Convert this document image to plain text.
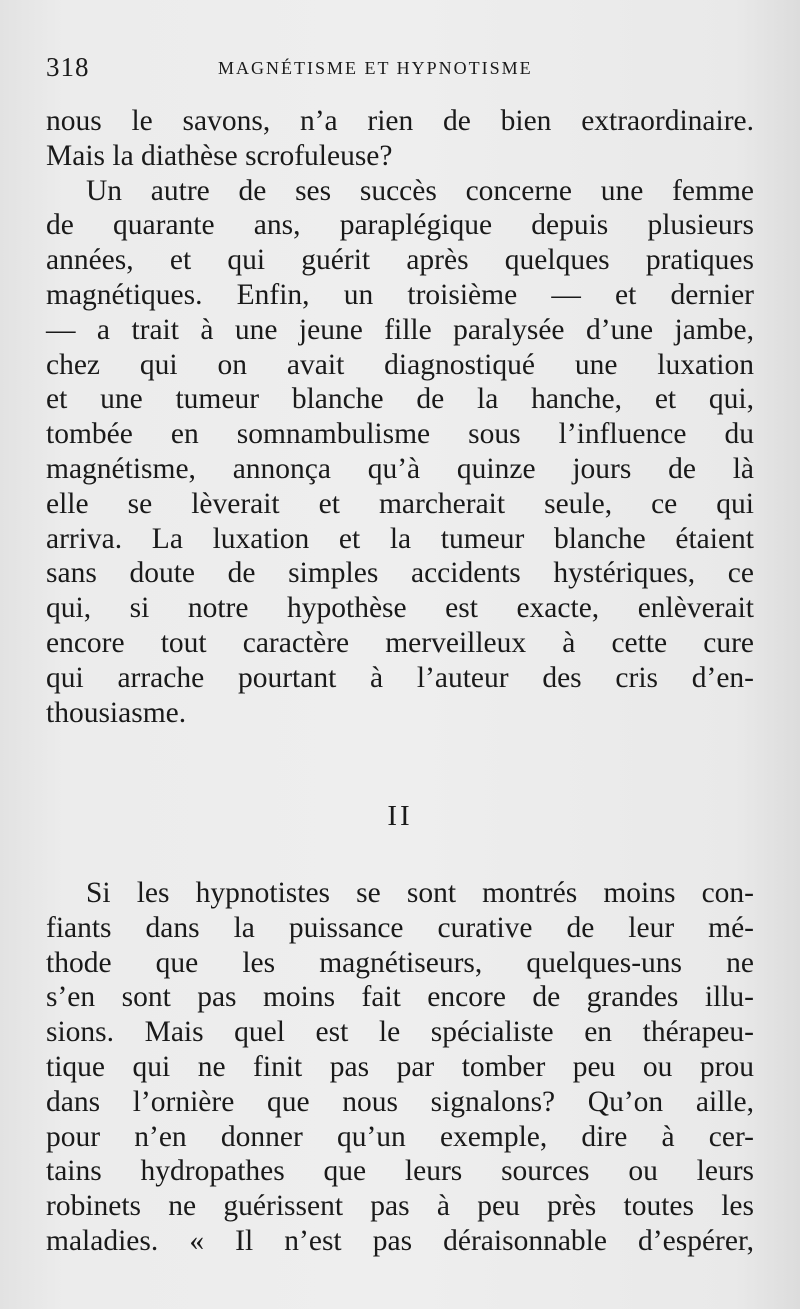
318	MAGNÉTISME ET HYPNOTISME
nous le savons, n’a rien de bien extraordinaire.
Mais la diathèse scrofuleuse?
Un autre de ses succès concerne une femme
de quarante ans, paraplégique depuis plusieurs
années, et qui guérit après quelques pratiques
magnétiques. Enfin, un troisième — et dernier
— a trait à une jeune fille paralysée d’une jambe,
chez qui on avait diagnostiqué une luxation
et une tumeur blanche de la hanche, et qui,
tombée en somnambulisme sous l’influence du
magnétisme, annonça qu’à quinze jours de là
elle se lèverait et marcherait seule, ce qui
arriva. La luxation et la tumeur blanche étaient
sans doute de simples accidents hystériques, ce
qui, si notre hypothèse est exacte, enlèverait
encore tout caractère merveilleux à cette cure
qui arrache pourtant à l’auteur des cris d’en-
thousiasme.
II
Si les hypnotistes se sont montrés moins con-
fiants dans la puissance curative de leur mé-
thode que les magnétiseurs, quelques-uns ne
s’en sont pas moins fait encore de grandes illu-
sions. Mais quel est le spécialiste en thérapeu-
tique qui ne finit pas par tomber peu ou prou
dans l’ornière que nous signalons? Qu’on aille,
pour n’en donner qu’un exemple, dire à cer-
tains hydropathes que leurs sources ou leurs
robinets ne guérissent pas à peu près toutes les
maladies. « Il n’est pas déraisonnable d’espérer,
